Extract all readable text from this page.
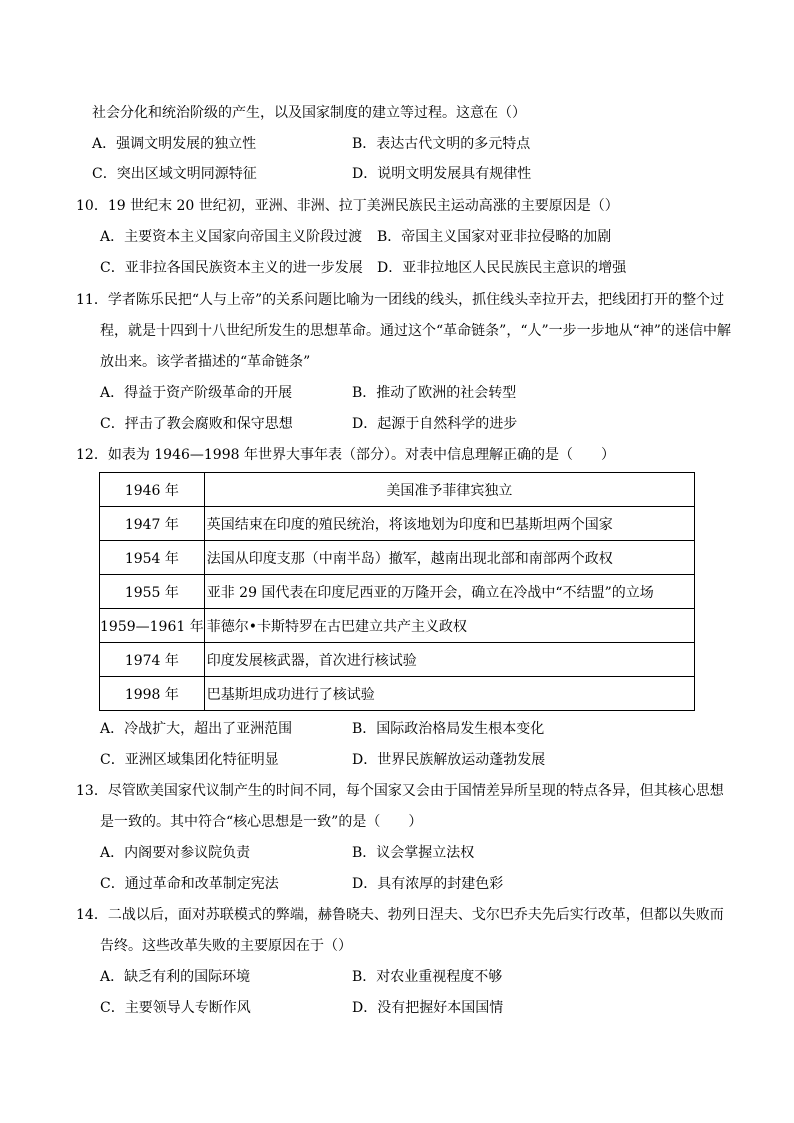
社会分化和统治阶级的产生，以及国家制度的建立等过程。这意在（）
A．强调文明发展的独立性	B．表达古代文明的多元特点
C．突出区域文明同源特征	D．说明文明发展具有规律性
10．19 世纪末 20 世纪初，亚洲、非洲、拉丁美洲民族民主运动高涨的主要原因是（）
A．主要资本主义国家向帝国主义阶段过渡 B．帝国主义国家对亚非拉侵略的加剧
C．亚非拉各国民族资本主义的进一步发展 D．亚非拉地区人民民族民主意识的增强
11．学者陈乐民把“人与上帝”的关系问题比喻为一团线的线头，抓住线头幸拉开去，把线团打开的整个过
程，就是十四到十八世纪所发生的思想革命。通过这个“革命链条”，“人”一步一步地从“神”的迷信中解
放出来。该学者描述的“革命链条”
A．得益于资产阶级革命的开展	B．推动了欧洲的社会转型
C．抨击了教会腐败和保守思想	D．起源于自然科学的进步
12．如表为 1946—1998 年世界大事年表（部分）。对表中信息理解正确的是（　　）
1946 年	美国准予菲律宾独立
1947 年	英国结束在印度的殖民统治，将该地划为印度和巴基斯坦两个国家
1954 年	法国从印度支那（中南半岛）撤军，越南出现北部和南部两个政权
1955 年	亚非 29 国代表在印度尼西亚的万隆开会，确立在冷战中“不结盟”的立场
1959—1961 年	菲德尔•卡斯特罗在古巴建立共产主义政权
1974 年	印度发展核武器，首次进行核试验
1998 年	巴基斯坦成功进行了核试验
A．冷战扩大，超出了亚洲范围	B．国际政治格局发生根本变化
C．亚洲区域集团化特征明显	D．世界民族解放运动蓬勃发展
13．尽管欧美国家代议制产生的时间不同，每个国家又会由于国情差异所呈现的特点各异，但其核心思想
是一致的。其中符合“核心思想是一致”的是（　　）
A．内阁要对参议院负责	B．议会掌握立法权
C．通过革命和改革制定宪法	D．具有浓厚的封建色彩
14．二战以后，面对苏联模式的弊端，赫鲁晓夫、勃列日涅夫、戈尔巴乔夫先后实行改革，但都以失败而
告终。这些改革失败的主要原因在于（）
A．缺乏有利的国际环境	B．对农业重视程度不够
C．主要领导人专断作风	D．没有把握好本国国情
